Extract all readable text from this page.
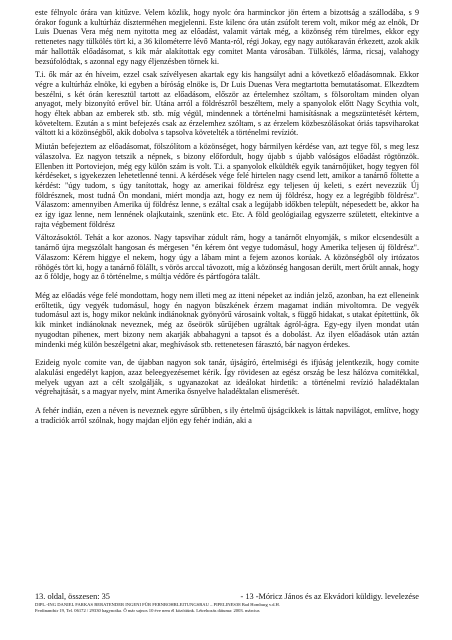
este félnyolc órára van kitűzve. Velem közlik, hogy nyolc óra harminckor jön értem a bizottság a szállodába, s 9 órakor fogunk a kultúrház díszterméhen megjelenni. Este kilenc óra után zsúfolt terem volt, mikor még az elnök, Dr Luis Duenas Vera még nem nyitotta meg az előadást, valamit vártak még, a közönség rém türelmes, ekkor egy rettenetes nagy tülkölés tört ki, a 36 kilométerre lévő Manta-ról, régi Jokay, egy nagy autókaraván érkezett, azok akik már hallották előadásomat, s kik már alakítottak egy comitet Manta városában. Tülkölés, lárma, ricsaj, valahogy bezsúfolódtak, s azonnal egy nagy éljenzésben törnek ki.

T.i. ők már az én híveim, ezzel csak szívélyesen akartak egy kis hangsúlyt adni a következő előadásomnak. Ekkor végre a kultúrház elnöke, ki egyben a bíróság elnöke is, Dr Luis Duenas Vera megtartotta bemutatásomat. Elkezdtem beszélni, s két órán keresztül tartott az előadásom, először az értelemhez szóltam, s fölsoroltam minden olyan anyagot, mely bizonyító erővel bír. Utána arról a földrészről beszéltem, mely a spanyolok előtt Nagy Scythia volt, hogy éltek abban az emberek stb. stb. míg végül, mindennek a történelmi hamisításnak a megszüntetését kértem, követeltem. Ezután a s mint befejezés csak az érzelemhez szóltam, s az érzelem közbeszólásokat óriás tapsviharokat váltott ki a közönségből, akik dobolva s tapsolva követelték a történelmi revíziót.

Miután befejeztem az előadásomat, fölszólítom a közönséget, hogy bármilyen kérdése van, azt tegye föl, s meg lesz válaszolva. Ez nagyon tetszik a népnek, s bizony előfordult, hogy újabb s újabb valóságos előadást rögtönzök. Ellenben itt Portoviejon, még egy külön szám is volt. T.i. a spanyolok elküldték egyik tanárnőjüket, hogy tegyen föl kérdéseket, s igyekezzen lehetetlenné tenni. A kérdések vége felé hirtelen nagy csend lett, amikor a tanárnő föltette a kérdést: "úgy tudom, s úgy tanítottak, hogy az amerikai földrész egy teljesen új keleti, s ezért nevezzük Új földrésznek, most tudná Ön mondani, miért mondja azt, hogy ez nem új földrész, hogy ez a legrégibb földrész". Válaszom: amennyiben Amerika új földrész lenne, s ezáltal csak a legújabb időkben települt, népesedett be, akkor ha ez így igaz lenne, nem lennének olajkutaink, szenünk etc. Etc. A föld geológiailag egyszerre született, eltekintve a rajta végbement földrész

Változásoktól. Tehát a kor azonos. Nagy tapsvihar zúdult rám, hogy a tanárnőt elnyomják, s mikor elcsendesült a tanárnő újra megszólalt hangosan és mérgesen "én kérem önt vegye tudomásul, hogy Amerika teljesen új földrész". Válaszom: Kérem higgye el nekem, hogy úgy a lábam mint a fejem azonos korúak. A közönségből oly irtózatos röhögés tört ki, hogy a tanárnő fölállt, s vörös arccal távozott, míg a közönség hangosan derült, mert őrült annak, hogy az ő földje, hogy az ő történelme, s múltja védőre és pártfogóra talált.

Még az előadás vége felé mondottam, hogy nem illeti meg az itteni népeket az indián jelző, azonban, ha ezt elleneink erőltetik, úgy vegyék tudomásul, hogy én nagyon büszkének érzem magamat indián mivoltomra. De vegyék tudomásul azt is, hogy mikor nekünk indiánoknak gyönyörű városaink voltak, s függő hidakat, s utakat építettünk, ők kik minket indiánoknak neveznek, még az őseörök sűrűjében ugráltak ágról-ágra. Egy-egy ilyen mondat után nyugodtan piheneк, mert bizony nem akarják abbahagyni a tapsot és a dobolást. Az ilyen előadások után aztán mindenki még külön beszélgetni akar, meghívások stb. rettenetesen fárasztó, bár nagyon érdekes.

Ezideig nyolc comite van, de újabban nagyon sok tanár, újságíró, értelmiségi és ifjúság jelentkezik, hogy comite alakulási engedélyt kapjon, azaz beleegyezésemet kérik. Így rövidesen az egész ország be lesz hálózva comitékkal, melyek ugyan azt a célt szolgálják, s ugyanazokat az ideálokat hirdetik: a történelmi revízió haladéktalan végrehajtását, s a magyar nyelv, mint Amerika ősnyelve haladéktalan elismerését.

A fehér indián, ezen a néven is neveznek egyre sűrűbben, s ily értelmű újságcikkek is láttak napvilágot, említve, hogy a tradíciók arról szólnak, hogy majdan eljön egy fehér indián, aki a

13. oldal, összesen: 35	- 13 -Móricz János és az Ekvádori küldigy. levelezése
DIPL.-ING DANIEL FARKAS BERATENDER INGENI FÜR FERNROHRLEITUNGSBAU – PIPELINES38 Bad Homburg v.d.H.
Ferdinandstr 19, Tel. 06172 / 29330 hagynotka. Ő már sajnos 10 éve nem él közöttünk. Létrehozás dátuma: 2003. március
